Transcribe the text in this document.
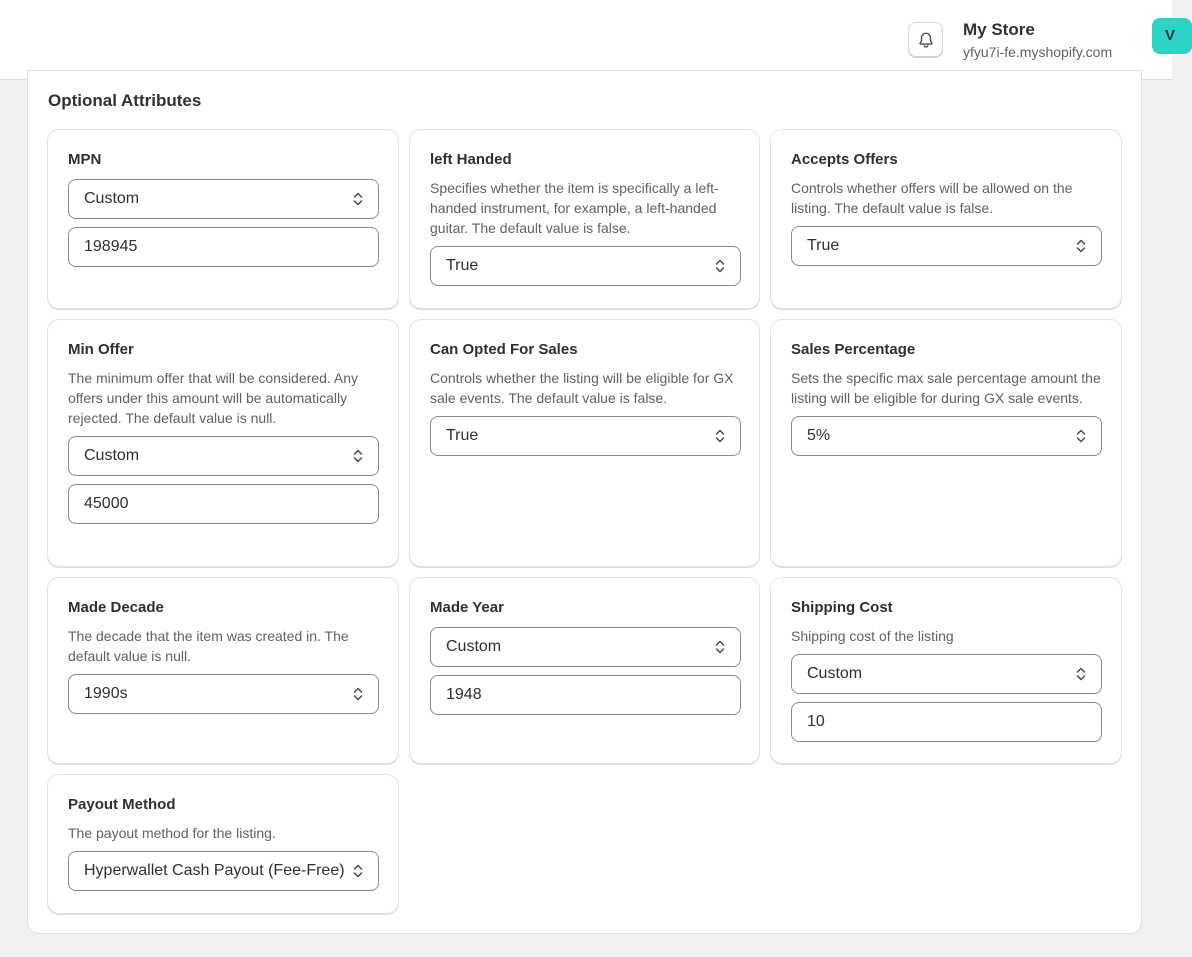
My Store
yfyu7i-fe.myshopify.com
V
Optional Attributes
MPN
Custom
198945
left Handed
Specifies whether the item is specifically a left-handed instrument, for example, a left-handed guitar. The default value is false.
True
Accepts Offers
Controls whether offers will be allowed on the listing. The default value is false.
True
Min Offer
The minimum offer that will be considered. Any offers under this amount will be automatically rejected. The default value is null.
Custom
45000
Can Opted For Sales
Controls whether the listing will be eligible for GX sale events. The default value is false.
True
Sales Percentage
Sets the specific max sale percentage amount the listing will be eligible for during GX sale events.
5%
Made Decade
The decade that the item was created in. The default value is null.
1990s
Made Year
Custom
1948
Shipping Cost
Shipping cost of the listing
Custom
10
Payout Method
The payout method for the listing.
Hyperwallet Cash Payout (Fee-Free)
